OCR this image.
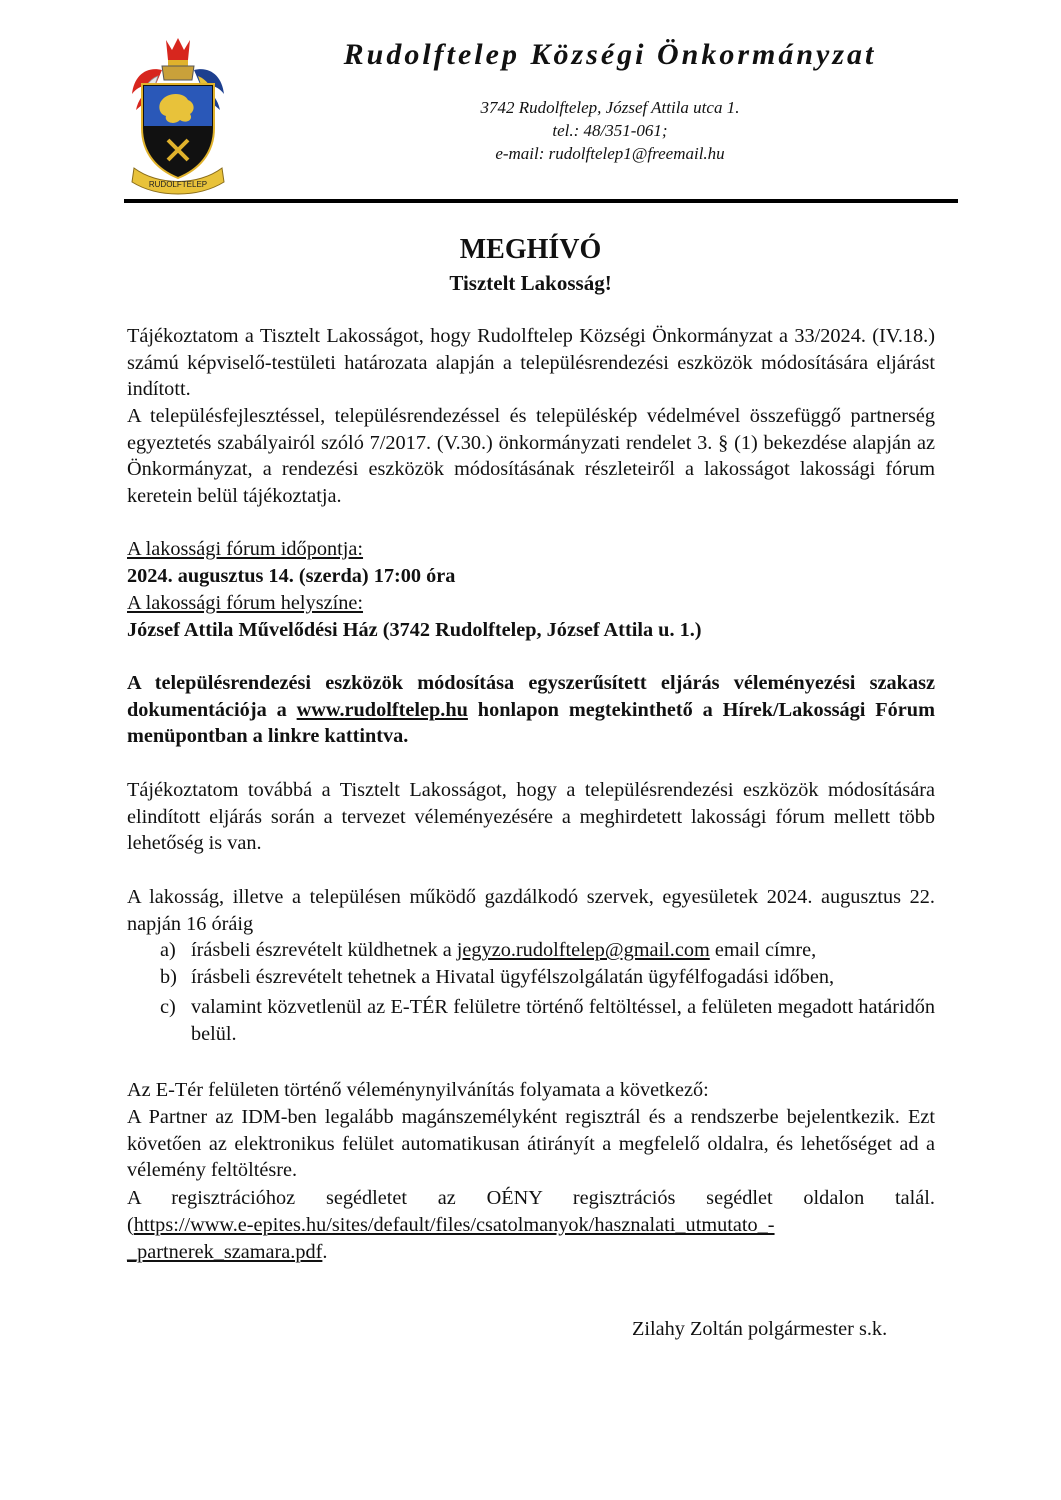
RUDOLFTELEP
Rudolftelep Községi Önkormányzat
3742 Rudolftelep, József Attila utca 1.
tel.: 48/351-061;
e-mail: rudolftelep1@freemail.hu
MEGHÍVÓ
Tisztelt Lakosság!

Tájékoztatom a Tisztelt Lakosságot, hogy Rudolftelep Községi Önkormányzat a 33/2024. (IV.18.) számú képviselő-testületi határozata alapján a településrendezési eszközök módosítására eljárást indított.

A településfejlesztéssel, településrendezéssel és településkép védelmével összefüggő partnerség egyeztetés szabályairól szóló 7/2017. (V.30.) önkormányzati rendelet 3. § (1) bekezdése alapján az Önkormányzat, a rendezési eszközök módosításának részleteiről a lakosságot lakossági fórum keretein belül tájékoztatja.

A lakossági fórum időpontja:
2024. augusztus 14. (szerda) 17:00 óra
A lakossági fórum helyszíne:
József Attila Művelődési Ház (3742 Rudolftelep, József Attila u. 1.)

A településrendezési eszközök módosítása egyszerűsített eljárás véleményezési szakasz dokumentációja a www.rudolftelep.hu honlapon megtekinthető a Hírek/Lakossági Fórum menüpontban a linkre kattintva.

Tájékoztatom továbbá a Tisztelt Lakosságot, hogy a településrendezési eszközök módosítására elindított eljárás során a tervezet véleményezésére a meghirdetett lakossági fórum mellett több lehetőség is van.

A lakosság, illetve a településen működő gazdálkodó szervek, egyesületek 2024. augusztus 22. napján 16 óráig

a) írásbeli észrevételt küldhetnek a jegyzo.rudolftelep@gmail.com email címre,
b) írásbeli észrevételt tehetnek a Hivatal ügyfélszolgálatán ügyfélfogadási időben,
c) valamint közvetlenül az E-TÉR felületre történő feltöltéssel, a felületen megadott határidőn belül.
Az E-Tér felületen történő véleménynyilvánítás folyamata a következő:

A Partner az IDM-ben legalább magánszemélyként regisztrál és a rendszerbe bejelentkezik. Ezt követően az elektronikus felület automatikusan átirányít a megfelelő oldalra, és lehetőséget ad a vélemény feltöltésre.

A regisztrációhoz segédletet az OÉNY regisztrációs segédlet oldalon talál.

(https://www.e-epites.hu/sites/default/files/csatolmanyok/hasznalati_utmutato_-
_partnerek_szamara.pdf.
Zilahy Zoltán polgármester s.k.
